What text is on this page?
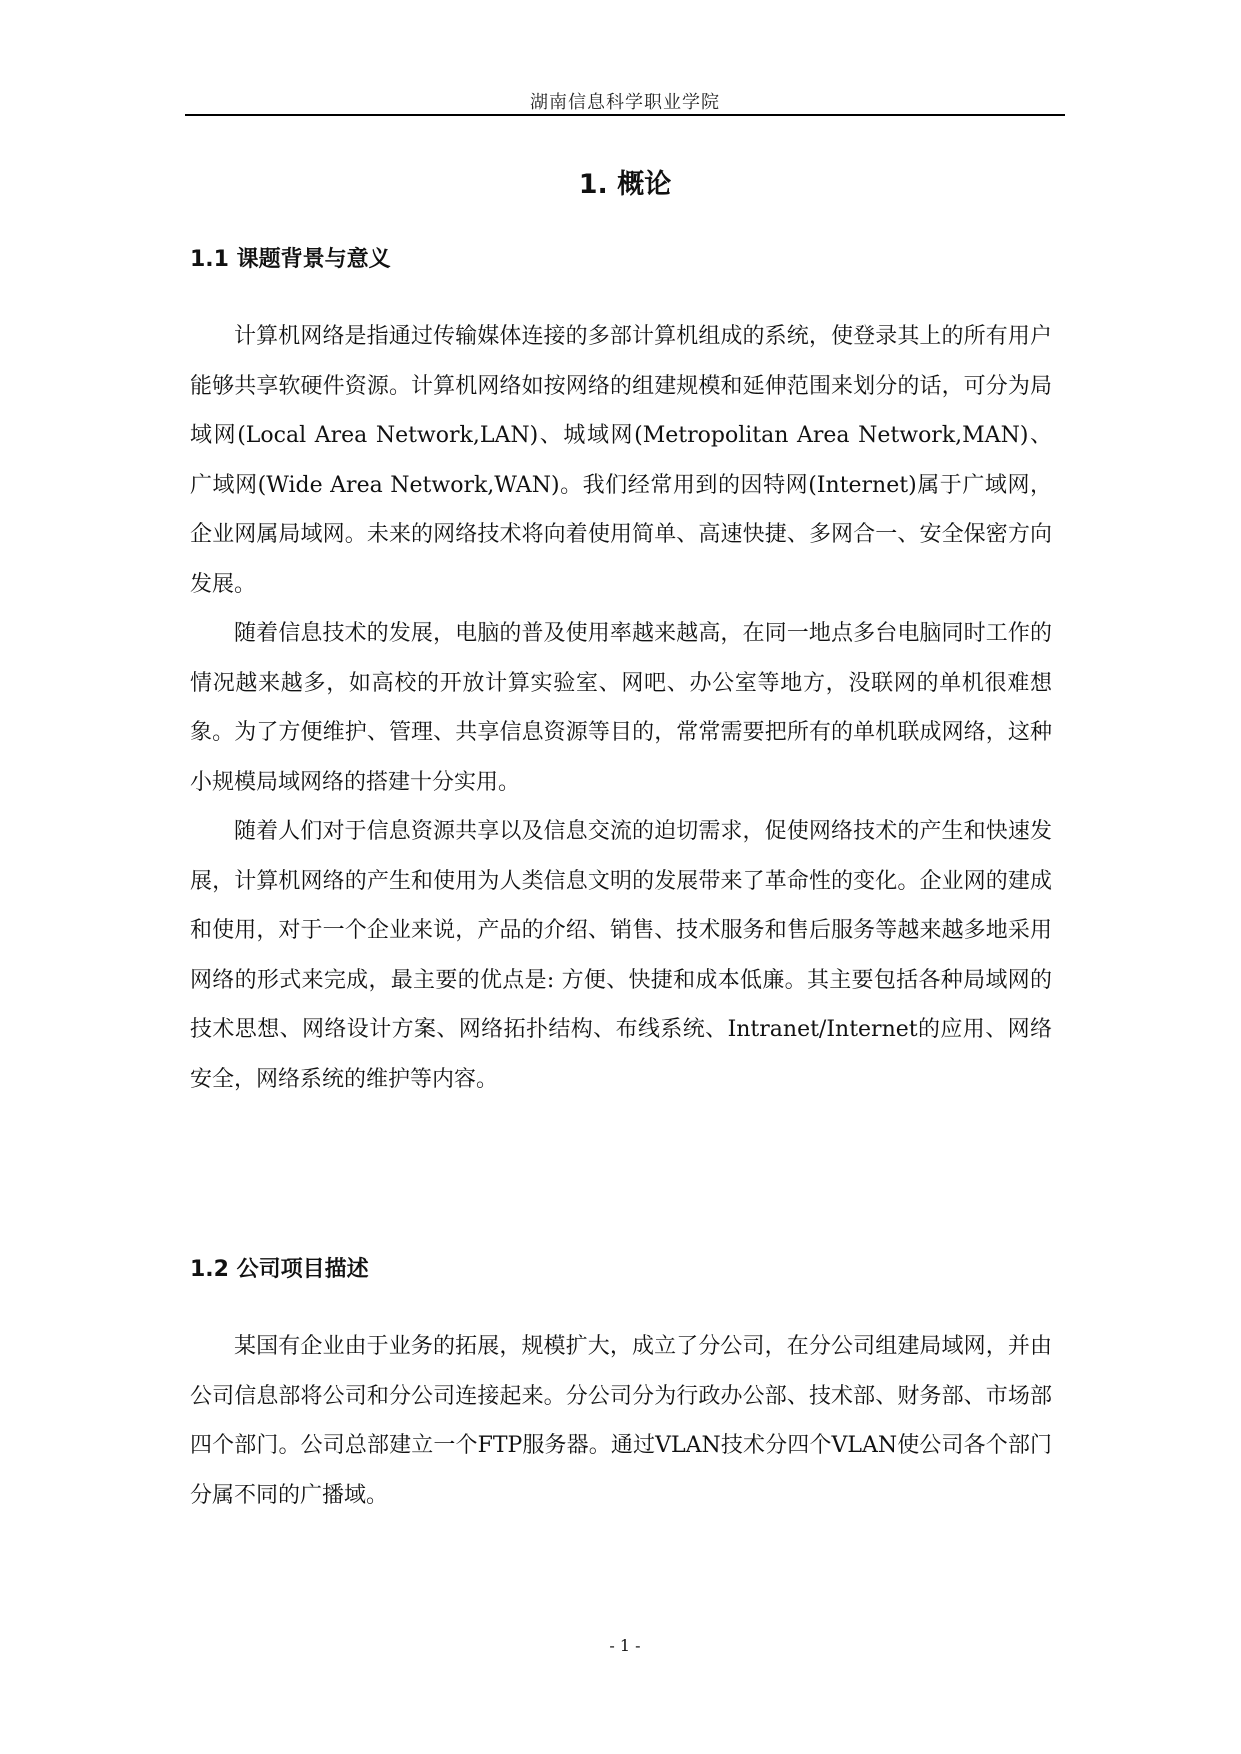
湖南信息科学职业学院
1. 概论
1.1 课题背景与意义

计算机网络是指通过传输媒体连接的多部计算机组成的系统，使登录其上的所有用户能够共享软硬件资源。计算机网络如按网络的组建规模和延伸范围来划分的话，可分为局域网(Local Area Network,LAN)、城域网(Metropolitan Area Network,MAN)、广域网(Wide Area Network,WAN)。我们经常用到的因特网(Internet)属于广域网，企业网属局域网。未来的网络技术将向着使用简单、高速快捷、多网合一、安全保密方向发展。

随着信息技术的发展，电脑的普及使用率越来越高，在同一地点多台电脑同时工作的情况越来越多，如高校的开放计算实验室、网吧、办公室等地方，没联网的单机很难想象。为了方便维护、管理、共享信息资源等目的，常常需要把所有的单机联成网络，这种小规模局域网络的搭建十分实用。

随着人们对于信息资源共享以及信息交流的迫切需求，促使网络技术的产生和快速发展，计算机网络的产生和使用为人类信息文明的发展带来了革命性的变化。企业网的建成和使用，对于一个企业来说，产品的介绍、销售、技术服务和售后服务等越来越多地采用网络的形式来完成，最主要的优点是: 方便、快捷和成本低廉。其主要包括各种局域网的技术思想、网络设计方案、网络拓扑结构、布线系统、Intranet/Internet的应用、网络安全，网络系统的维护等内容。

1.2 公司项目描述

某国有企业由于业务的拓展，规模扩大，成立了分公司，在分公司组建局域网，并由公司信息部将公司和分公司连接起来。分公司分为行政办公部、技术部、财务部、市场部四个部门。公司总部建立一个FTP服务器。通过VLAN技术分四个VLAN使公司各个部门分属不同的广播域。

- 1 -
